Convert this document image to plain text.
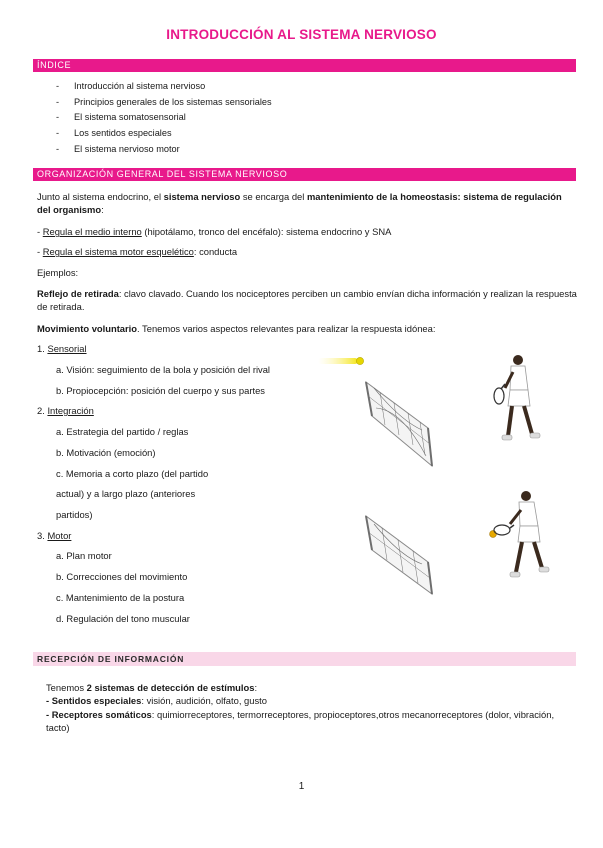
INTRODUCCIÓN AL SISTEMA NERVIOSO
ÍNDICE
- Introducción al sistema nervioso
- Principios generales de los sistemas sensoriales
- El sistema somatosensorial
- Los sentidos especiales
- El sistema nervioso motor
ORGANIZACIÓN GENERAL DEL SISTEMA NERVIOSO
Junto al sistema endocrino, el sistema nervioso se encarga del mantenimiento de la homeostasis: sistema de regulación del organismo:
- Regula el medio interno (hipotálamo, tronco del encéfalo): sistema endocrino y SNA
- Regula el sistema motor esquelético: conducta
Ejemplos:
Reflejo de retirada: clavo clavado. Cuando los nociceptores perciben un cambio envían dicha información y realizan la respuesta de retirada.
Movimiento voluntario. Tenemos varios aspectos relevantes para realizar la respuesta idónea:
1. Sensorial
a. Visión: seguimiento de la bola y posición del rival
b. Propiocepción: posición del cuerpo y sus partes
2. Integración
a. Estrategia del partido / reglas
b. Motivación (emoción)
c. Memoria a corto plazo (del partido
actual) y a largo plazo (anteriores
partidos)
3. Motor
a. Plan motor
b. Correcciones del movimiento
c. Mantenimiento de la postura
d. Regulación del tono muscular
RECEPCIÓN DE INFORMACIÓN
Tenemos 2 sistemas de detección de estímulos:
- Sentidos especiales: visión, audición, olfato, gusto
- Receptores somáticos: quimiorreceptores, termorreceptores, propioceptores,otros mecanorreceptores (dolor, vibración, tacto)
1
